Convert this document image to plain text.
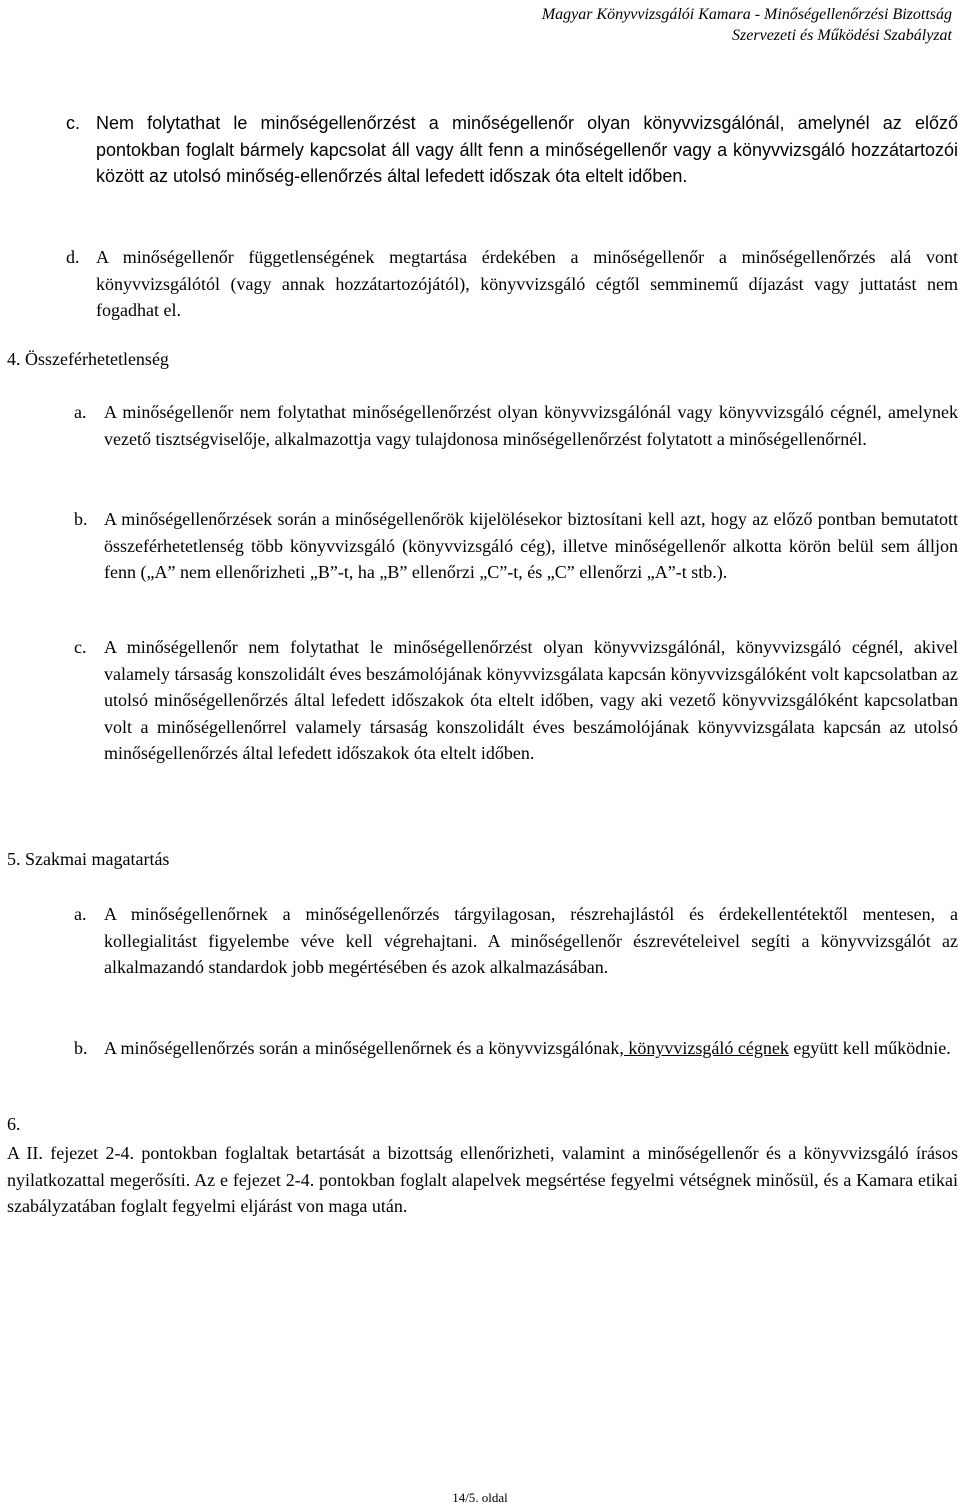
Magyar Könyvvizsgálói Kamara - Minőségellenőrzési Bizottság
Szervezeti és Működési Szabályzat
c. Nem folytathat le minőségellenőrzést a minőségellenőr olyan könyvvizsgálónál, amelynél az előző pontokban foglalt bármely kapcsolat áll vagy állt fenn a minőségellenőr vagy a könyvvizsgáló hozzátartozói között az utolsó minőség-ellenőrzés által lefedett időszak óta eltelt időben.
d. A minőségellenőr függetlenségének megtartása érdekében a minőségellenőr a minőségellenőrzés alá vont könyvvizsgálótól (vagy annak hozzátartozójától), könyvvizsgáló cégtől semminemű díjazást vagy juttatást nem fogadhat el.
4. Összeférhetetlenség
a. A minőségellenőr nem folytathat minőségellenőrzést olyan könyvvizsgálónál vagy könyvvizsgáló cégnél, amelynek vezető tisztségviselője, alkalmazottja vagy tulajdonosa minőségellenőrzést folytatott a minőségellenőrnél.
b. A minőségellenőrzések során a minőségellenőrök kijelölésekor biztosítani kell azt, hogy az előző pontban bemutatott összeférhetetlenség több könyvvizsgáló (könyvvizsgáló cég), illetve minőségellenőr alkotta körön belül sem álljon fenn („A” nem ellenőrizheti „B”-t, ha „B” ellenőrzi „C”-t, és „C” ellenőrzi „A”-t stb.).
c. A minőségellenőr nem folytathat le minőségellenőrzést olyan könyvvizsgálónál, könyvvizsgáló cégnél, akivel valamely társaság konszolidált éves beszámolójának könyvvizsgálata kapcsán könyvvizsgálóként volt kapcsolatban az utolsó minőségellenőrzés által lefedett időszakok óta eltelt időben, vagy aki vezető könyvvizsgálóként kapcsolatban volt a minőségellenőrrel valamely társaság konszolidált éves beszámolójának könyvvizsgálata kapcsán az utolsó minőségellenőrzés által lefedett időszakok óta eltelt időben.
5. Szakmai magatartás
a. A minőségellenőrnek a minőségellenőrzés tárgyilagosan, részrehajlástól és érdekellentétektől mentesen, a kollegialitást figyelembe véve kell végrehajtani. A minőségellenőr észrevételeivel segíti a könyvvizsgálót az alkalmazandó standardok jobb megértésében és azok alkalmazásában.
b. A minőségellenőrzés során a minőségellenőrnek és a könyvvizsgálónak, könyvvizsgáló cégnek együtt kell működnie.
6.
A II. fejezet 2-4. pontokban foglaltak betartását a bizottság ellenőrizheti, valamint a minőségellenőr és a könyvvizsgáló írásos nyilatkozattal megerősíti. Az e fejezet 2-4. pontokban foglalt alapelvek megsértése fegyelmi vétségnek minősül, és a Kamara etikai szabályzatában foglalt fegyelmi eljárást von maga után.
14/5. oldal
